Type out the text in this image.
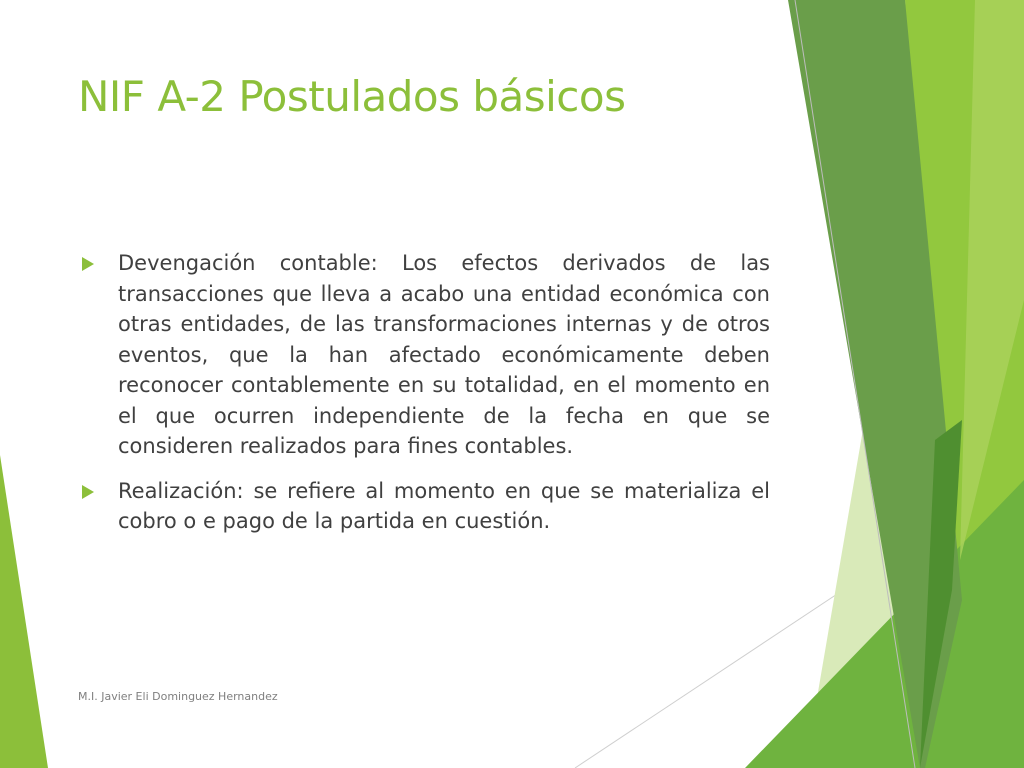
NIF A-2 Postulados básicos
Devengación contable: Los efectos derivados de las transacciones que lleva a acabo una entidad económica con otras entidades, de las transformaciones internas y de otros eventos, que la han afectado económicamente deben reconocer contablemente en su totalidad, en el momento en el que ocurren independiente de la fecha en que se consideren realizados para fines contables.
Realización: se refiere al momento en que se materializa el cobro o e pago de la partida en cuestión.
M.I. Javier Eli Dominguez Hernandez
